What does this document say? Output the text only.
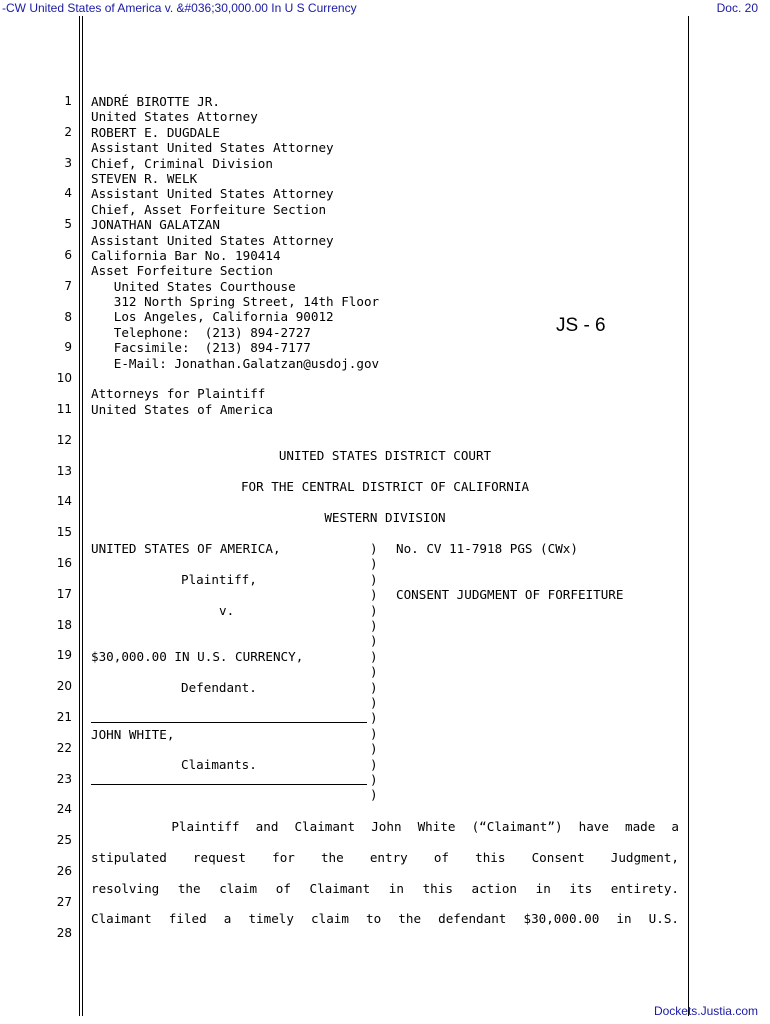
-CW United States of America v. &#036;30,000.00 In U S Currency	Doc. 20
1
2
3
4
5
6
7
8
9
10
11
12
13
14
15
16
17
18
19
20
21
22
23
24
25
26
27
28
ANDRÉ BIROTTE JR.
United States Attorney
ROBERT E. DUGDALE
Assistant United States Attorney
Chief, Criminal Division
STEVEN R. WELK
Assistant United States Attorney
Chief, Asset Forfeiture Section
JONATHAN GALATZAN
Assistant United States Attorney
California Bar No. 190414
Asset Forfeiture Section
United States Courthouse
312 North Spring Street, 14th Floor
Los Angeles, California 90012
Telephone:  (213) 894-2727
Facsimile:  (213) 894-7177
E-Mail: Jonathan.Galatzan@usdoj.gov
Attorneys for Plaintiff
United States of America
JS - 6
UNITED STATES DISTRICT COURT
FOR THE CENTRAL DISTRICT OF CALIFORNIA
WESTERN DIVISION
UNITED STATES OF AMERICA,
Plaintiff,
v.
$30,000.00 IN U.S. CURRENCY,
Defendant.
JOHN WHITE,
Claimants.
)
)
)
)
)
)
)
)
)
)
)
)
)
)
)
)
)
No. CV 11-7918 PGS (CWx)
CONSENT JUDGMENT OF FORFEITURE
Plaintiff and Claimant John White (“Claimant”) have made a
stipulated request for the entry of this Consent Judgment,
resolving the claim of Claimant in this action in its entirety.
Claimant filed a timely claim to the defendant $30,000.00 in U.S.
Dockets.Justia.com
